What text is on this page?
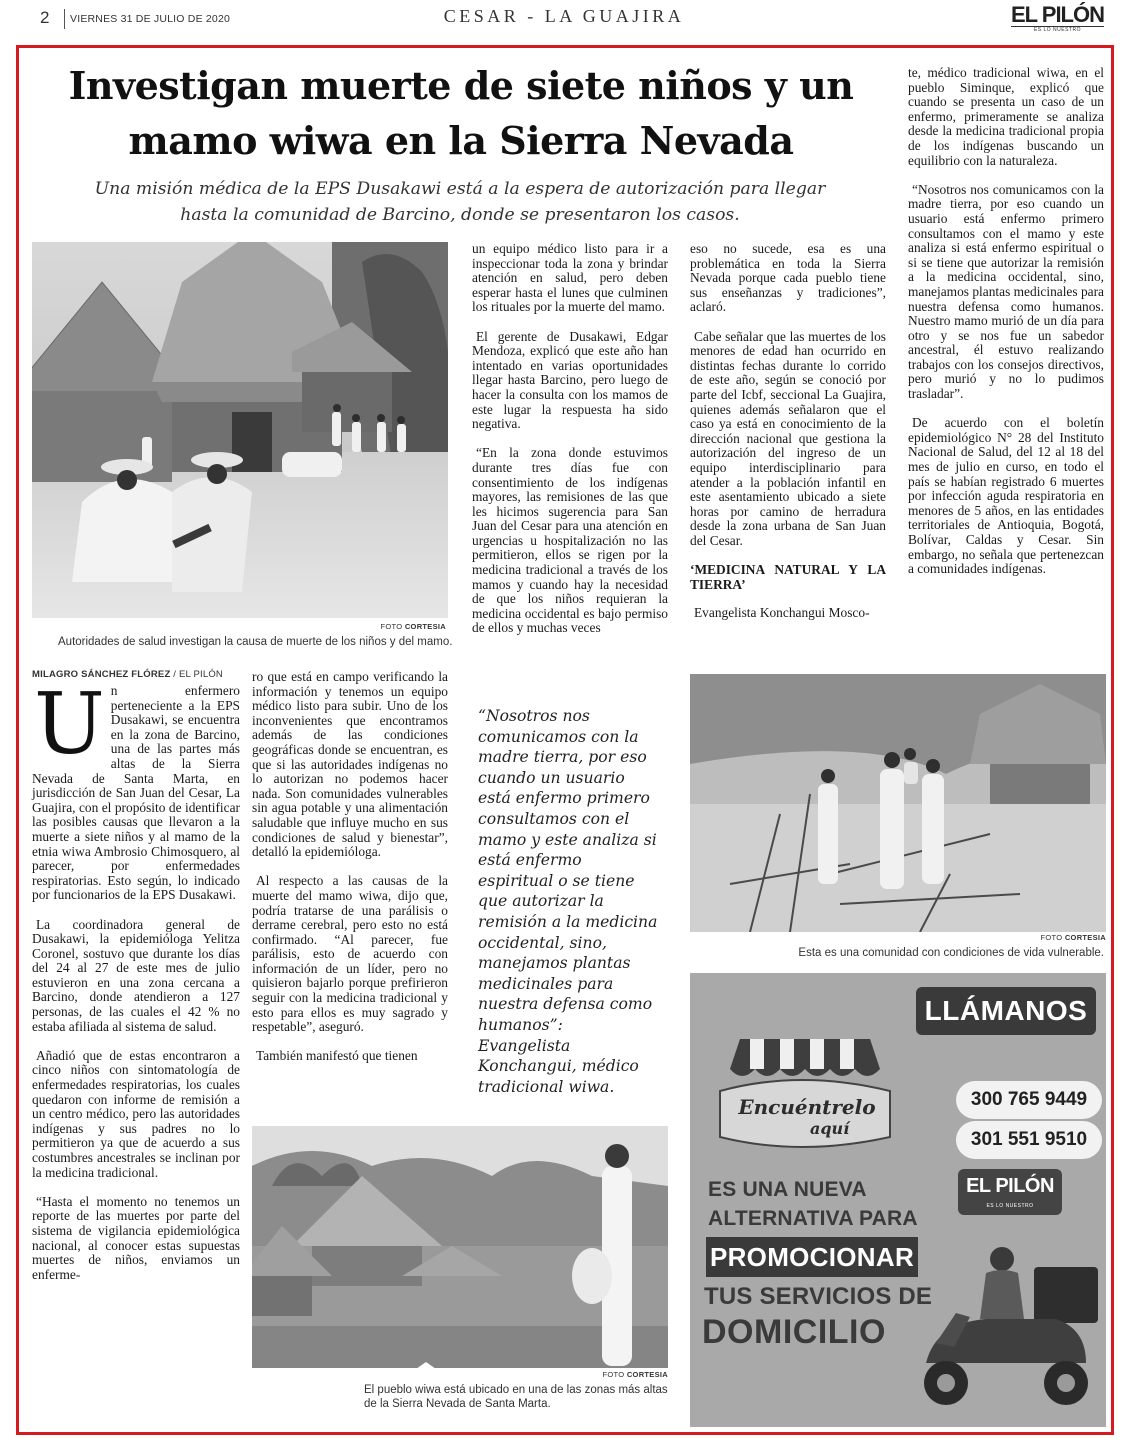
2 VIERNES 31 DE JULIO DE 2020	CESAR - LA GUAJIRA	EL PILÓN
ES LO NUESTRO
Investigan muerte de siete niños y un
mamo wiwa en la Sierra Nevada
Una misión médica de la EPS Dusakawi está a la espera de autorización para llegar
hasta la comunidad de Barcino, donde se presentaron los casos.
FOTO CORTESIA
Autoridades de salud investigan la causa de muerte de los niños y del mamo.
MILAGRO SÁNCHEZ FLÓREZ / EL PILÓN

Un enfermero perteneciente a la EPS Dusakawi, se encuentra en la zona de Barcino, una de las partes más altas de la Sierra Nevada de Santa Marta, en jurisdicción de San Juan del Cesar, La Guajira, con el propósito de identificar las posibles causas que llevaron a la muerte a siete niños y al mamo de la etnia wiwa Ambrosio Chimosquero, al parecer, por enfermedades respiratorias. Esto según, lo indicado por funcionarios de la EPS Dusakawi.

La coordinadora general de Dusakawi, la epidemióloga Yelitza Coronel, sostuvo que durante los días del 24 al 27 de este mes de julio estuvieron en una zona cercana a Barcino, donde atendieron a 127 personas, de las cuales el 42 % no estaba afiliada al sistema de salud.

Añadió que de estas encontraron a cinco niños con sintomatología de enfermedades respiratorias, los cuales quedaron con informe de remisión a un centro médico, pero las autoridades indígenas y sus padres no lo permitieron ya que de acuerdo a sus costumbres ancestrales se inclinan por la medicina tradicional.

“Hasta el momento no tenemos un reporte de las muertes por parte del sistema de vigilancia epidemiológica nacional, al conocer estas supuestas muertes de niños, enviamos un enferme-

ro que está en campo verificando la información y tenemos un equipo médico listo para subir. Uno de los inconvenientes que encontramos además de las condiciones geográficas donde se encuentran, es que si las autoridades indígenas no lo autorizan no podemos hacer nada. Son comunidades vulnerables sin agua potable y una alimentación saludable que influye mucho en sus condiciones de salud y bienestar”, detalló la epidemióloga.

Al respecto a las causas de la muerte del mamo wiwa, dijo que, podría tratarse de una parálisis o derrame cerebral, pero esto no está confirmado. “Al parecer, fue parálisis, esto de acuerdo con información de un líder, pero no quisieron bajarlo porque prefirieron seguir con la medicina tradicional y esto para ellos es muy sagrado y respetable”, aseguró.

También manifestó que tienen

un equipo médico listo para ir a inspeccionar toda la zona y brindar atención en salud, pero deben esperar hasta el lunes que culminen los rituales por la muerte del mamo.

El gerente de Dusakawi, Edgar Mendoza, explicó que este año han intentado en varias oportunidades llegar hasta Barcino, pero luego de hacer la consulta con los mamos de este lugar la respuesta ha sido negativa.

“En la zona donde estuvimos durante tres días fue con consentimiento de los indígenas mayores, las remisiones de las que les hicimos sugerencia para San Juan del Cesar para una atención en urgencias u hospitalización no las permitieron, ellos se rigen por la medicina tradicional a través de los mamos y cuando hay la necesidad de que los niños requieran la medicina occidental es bajo permiso de ellos y muchas veces

eso no sucede, esa es una problemática en toda la Sierra Nevada porque cada pueblo tiene sus enseñanzas y tradiciones”, aclaró.

Cabe señalar que las muertes de los menores de edad han ocurrido en distintas fechas durante lo corrido de este año, según se conoció por parte del Icbf, seccional La Guajira, quienes además señalaron que el caso ya está en conocimiento de la dirección nacional que gestiona la autorización del ingreso de un equipo interdisciplinario para atender a la población infantil en este asentamiento ubicado a siete horas por camino de herradura desde la zona urbana de San Juan del Cesar.

‘MEDICINA NATURAL Y LA TIERRA’

Evangelista Konchangui Mosco-

te, médico tradicional wiwa, en el pueblo Siminque, explicó que cuando se presenta un caso de un enfermo, primeramente se analiza desde la medicina tradicional propia de los indígenas buscando un equilibrio con la naturaleza.

“Nosotros nos comunicamos con la madre tierra, por eso cuando un usuario está enfermo primero consultamos con el mamo y este analiza si está enfermo espiritual o si se tiene que autorizar la remisión a la medicina occidental, sino, manejamos plantas medicinales para nuestra defensa como humanos. Nuestro mamo murió de un día para otro y se nos fue un sabedor ancestral, él estuvo realizando trabajos con los consejos directivos, pero murió y no lo pudimos trasladar”.

De acuerdo con el boletín epidemiológico N° 28 del Instituto Nacional de Salud, del 12 al 18 del mes de julio en curso, en todo el país se habían registrado 6 muertes por infección aguda respiratoria en menores de 5 años, en las entidades territoriales de Antioquia, Bogotá, Bolívar, Caldas y Cesar. Sin embargo, no señala que pertenezcan a comunidades indígenas.

“Nosotros nos comunicamos con la madre tierra, por eso cuando un usuario está enfermo primero consultamos con el mamo y este analiza si está enfermo espiritual o se tiene que autorizar la remisión a la medicina occidental, sino, manejamos plantas medicinales para nuestra defensa como humanos”: Evangelista Konchangui, médico tradicional wiwa.
FOTO CORTESIA
Esta es una comunidad con condiciones de vida vulnerable.
FOTO CORTESIA
El pueblo wiwa está ubicado en una de las zonas más altas
de la Sierra Nevada de Santa Marta.
LLÁMANOS
300 765 9449
301 551 9510
Encuéntrelo
aquí
EL PILÓN
ES LO NUESTRO
ES UNA NUEVA
ALTERNATIVA PARA
PROMOCIONAR
TUS SERVICIOS DE
DOMICILIO
